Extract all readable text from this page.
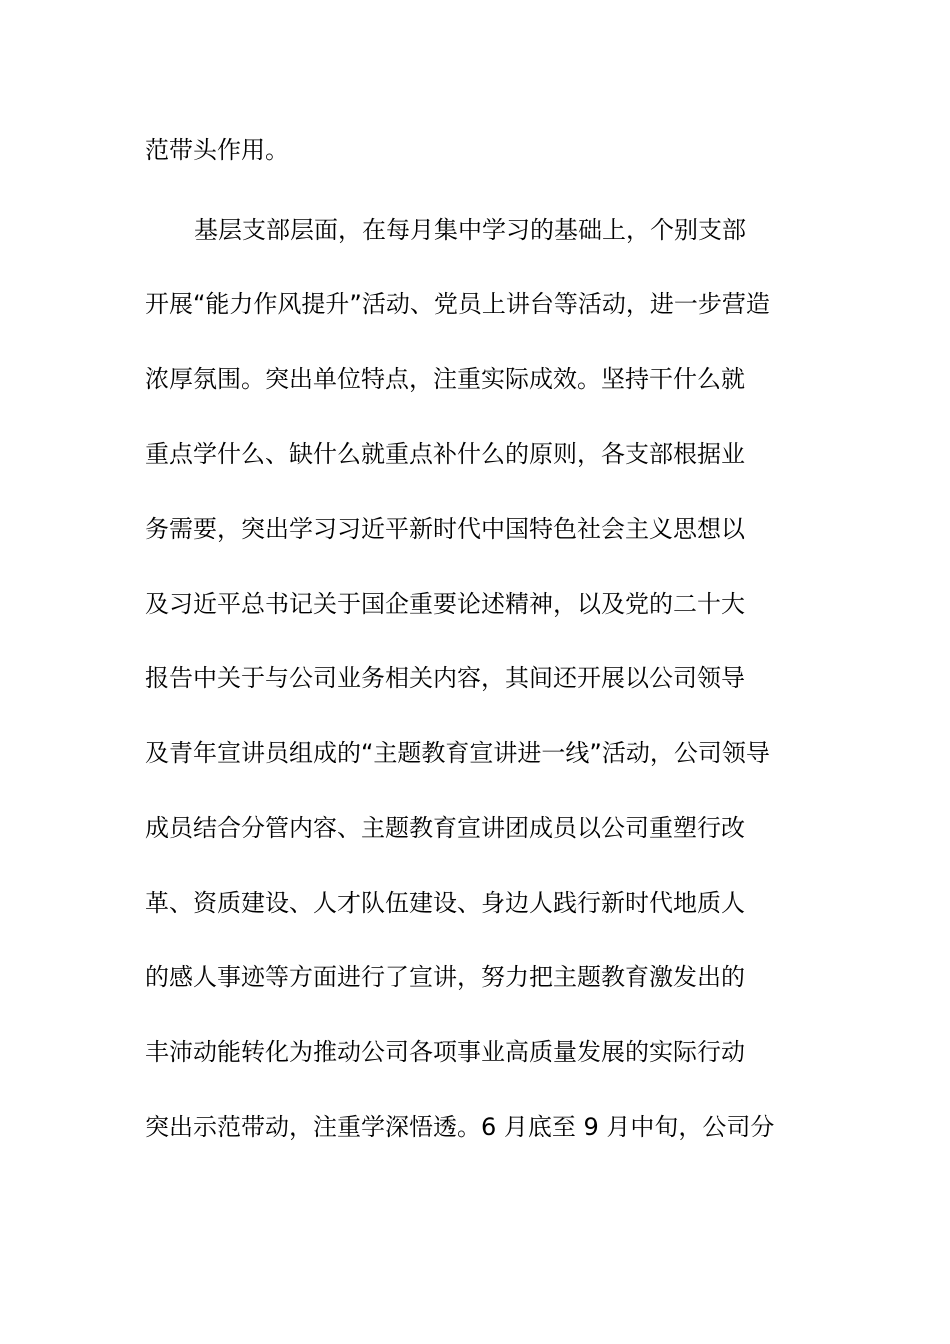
范带头作用。
基层支部层面，在每月集中学习的基础上，个别支部
开展“能力作风提升”活动、党员上讲台等活动，进一步营造
浓厚氛围。突出单位特点，注重实际成效。坚持干什么就
重点学什么、缺什么就重点补什么的原则，各支部根据业
务需要，突出学习习近平新时代中国特色社会主义思想以
及习近平总书记关于国企重要论述精神，以及党的二十大
报告中关于与公司业务相关内容，其间还开展以公司领导
及青年宣讲员组成的“主题教育宣讲进一线”活动，公司领导
成员结合分管内容、主题教育宣讲团成员以公司重塑行改
革、资质建设、人才队伍建设、身边人践行新时代地质人
的感人事迹等方面进行了宣讲，努力把主题教育激发出的
丰沛动能转化为推动公司各项事业高质量发展的实际行动
突出示范带动，注重学深悟透。6 月底至 9 月中旬，公司分
